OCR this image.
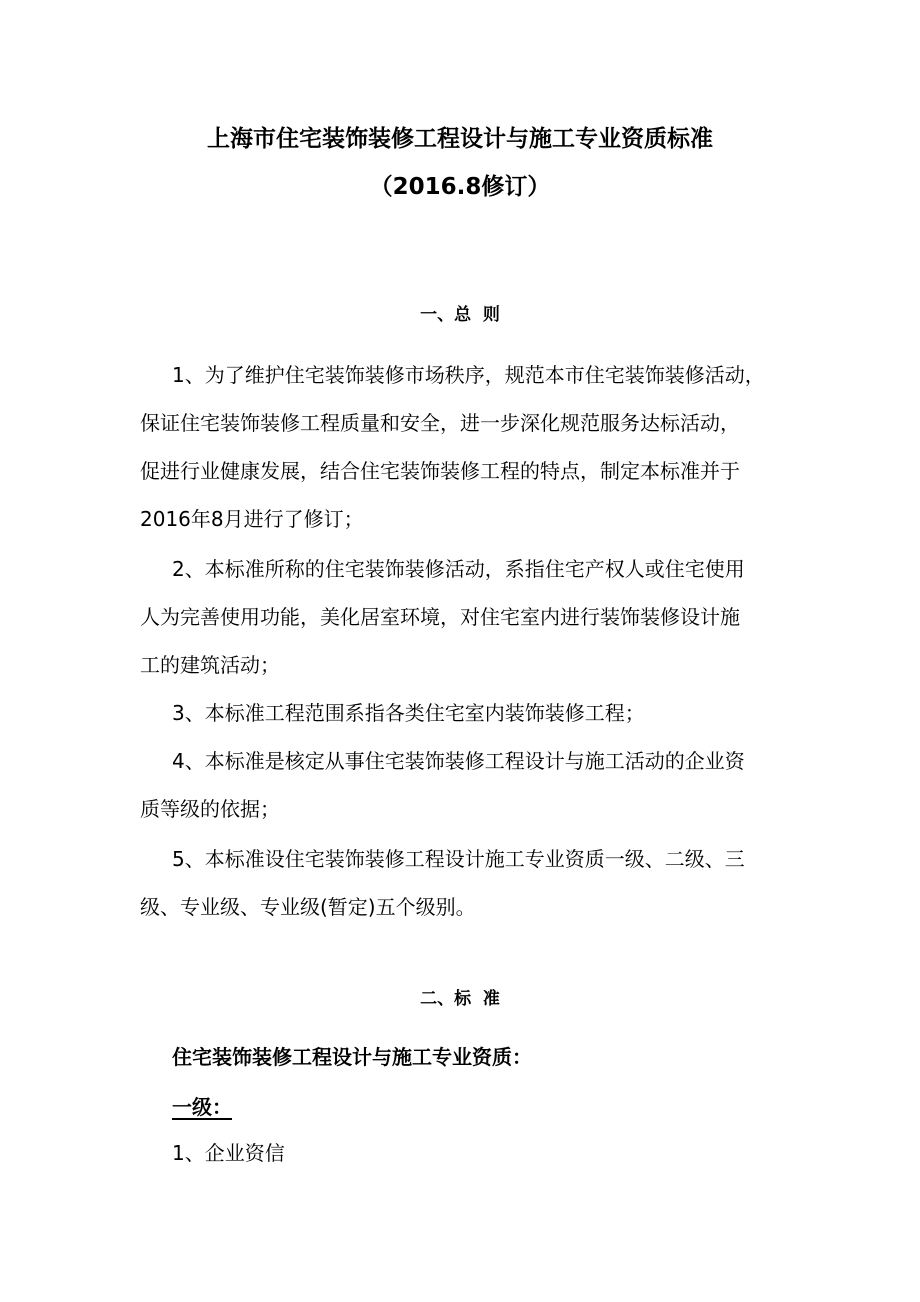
上海市住宅装饰装修工程设计与施工专业资质标准
（2016.8修订）
一、总  则
1、为了维护住宅装饰装修市场秩序，规范本市住宅装饰装修活动，
保证住宅装饰装修工程质量和安全，进一步深化规范服务达标活动，
促进行业健康发展，结合住宅装饰装修工程的特点，制定本标准并于
2016年8月进行了修订；
2、本标准所称的住宅装饰装修活动，系指住宅产权人或住宅使用
人为完善使用功能，美化居室环境，对住宅室内进行装饰装修设计施
工的建筑活动；
3、本标准工程范围系指各类住宅室内装饰装修工程；
4、本标准是核定从事住宅装饰装修工程设计与施工活动的企业资
质等级的依据；
5、本标准设住宅装饰装修工程设计施工专业资质一级、二级、三
级、专业级、专业级(暂定)五个级别。
二、标  准
住宅装饰装修工程设计与施工专业资质：
一级：
1、企业资信
